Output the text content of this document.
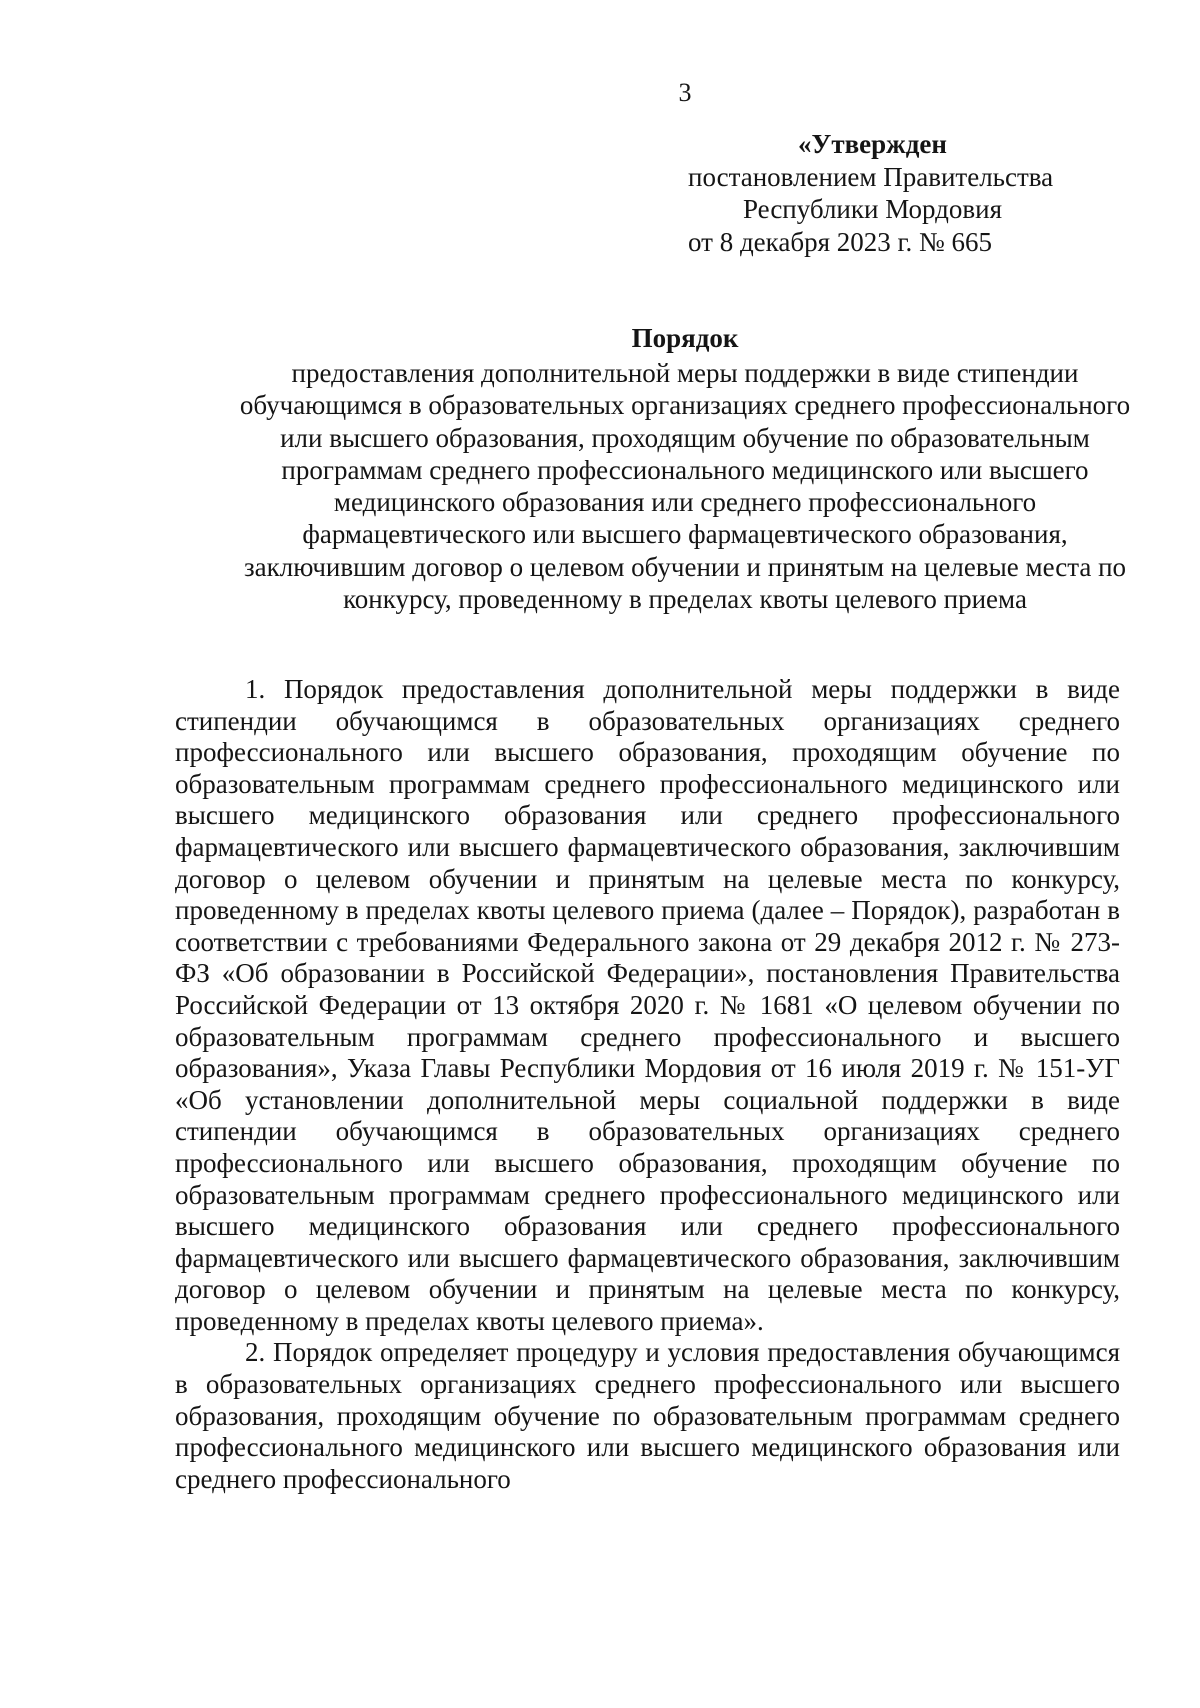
3
«Утвержден
постановлением Правительства
Республики Мордовия
от 8 декабря 2023 г. № 665
Порядок
предоставления дополнительной меры поддержки в виде стипендии
обучающимся в образовательных организациях среднего профессионального
или высшего образования, проходящим обучение по образовательным
программам среднего профессионального медицинского или высшего
медицинского образования или среднего профессионального
фармацевтического или высшего фармацевтического образования,
заключившим договор о целевом обучении и принятым на целевые места по
конкурсу, проведенному в пределах квоты целевого приема

1. Порядок предоставления дополнительной меры поддержки в виде стипендии обучающимся в образовательных организациях среднего профессионального или высшего образования, проходящим обучение по образовательным программам среднего профессионального медицинского или высшего медицинского образования или среднего профессионального фармацевтического или высшего фармацевтического образования, заключившим договор о целевом обучении и принятым на целевые места по конкурсу, проведенному в пределах квоты целевого приема (далее – Порядок), разработан в соответствии с требованиями Федерального закона от 29 декабря 2012 г. № 273-ФЗ «Об образовании в Российской Федерации», постановления Правительства Российской Федерации от 13 октября 2020 г. № 1681 «О целевом обучении по образовательным программам среднего профессионального и высшего образования», Указа Главы Республики Мордовия от 16 июля 2019 г. № 151-УГ «Об установлении дополнительной меры социальной поддержки в виде стипендии обучающимся в образовательных организациях среднего профессионального или высшего образования, проходящим обучение по образовательным программам среднего профессионального медицинского или высшего медицинского образования или среднего профессионального фармацевтического или высшего фармацевтического образования, заключившим договор о целевом обучении и принятым на целевые места по конкурсу, проведенному в пределах квоты целевого приема».

2. Порядок определяет процедуру и условия предоставления обучающимся в образовательных организациях среднего профессионального или высшего образования, проходящим обучение по образовательным программам среднего профессионального медицинского или высшего медицинского образования или среднего профессионального
